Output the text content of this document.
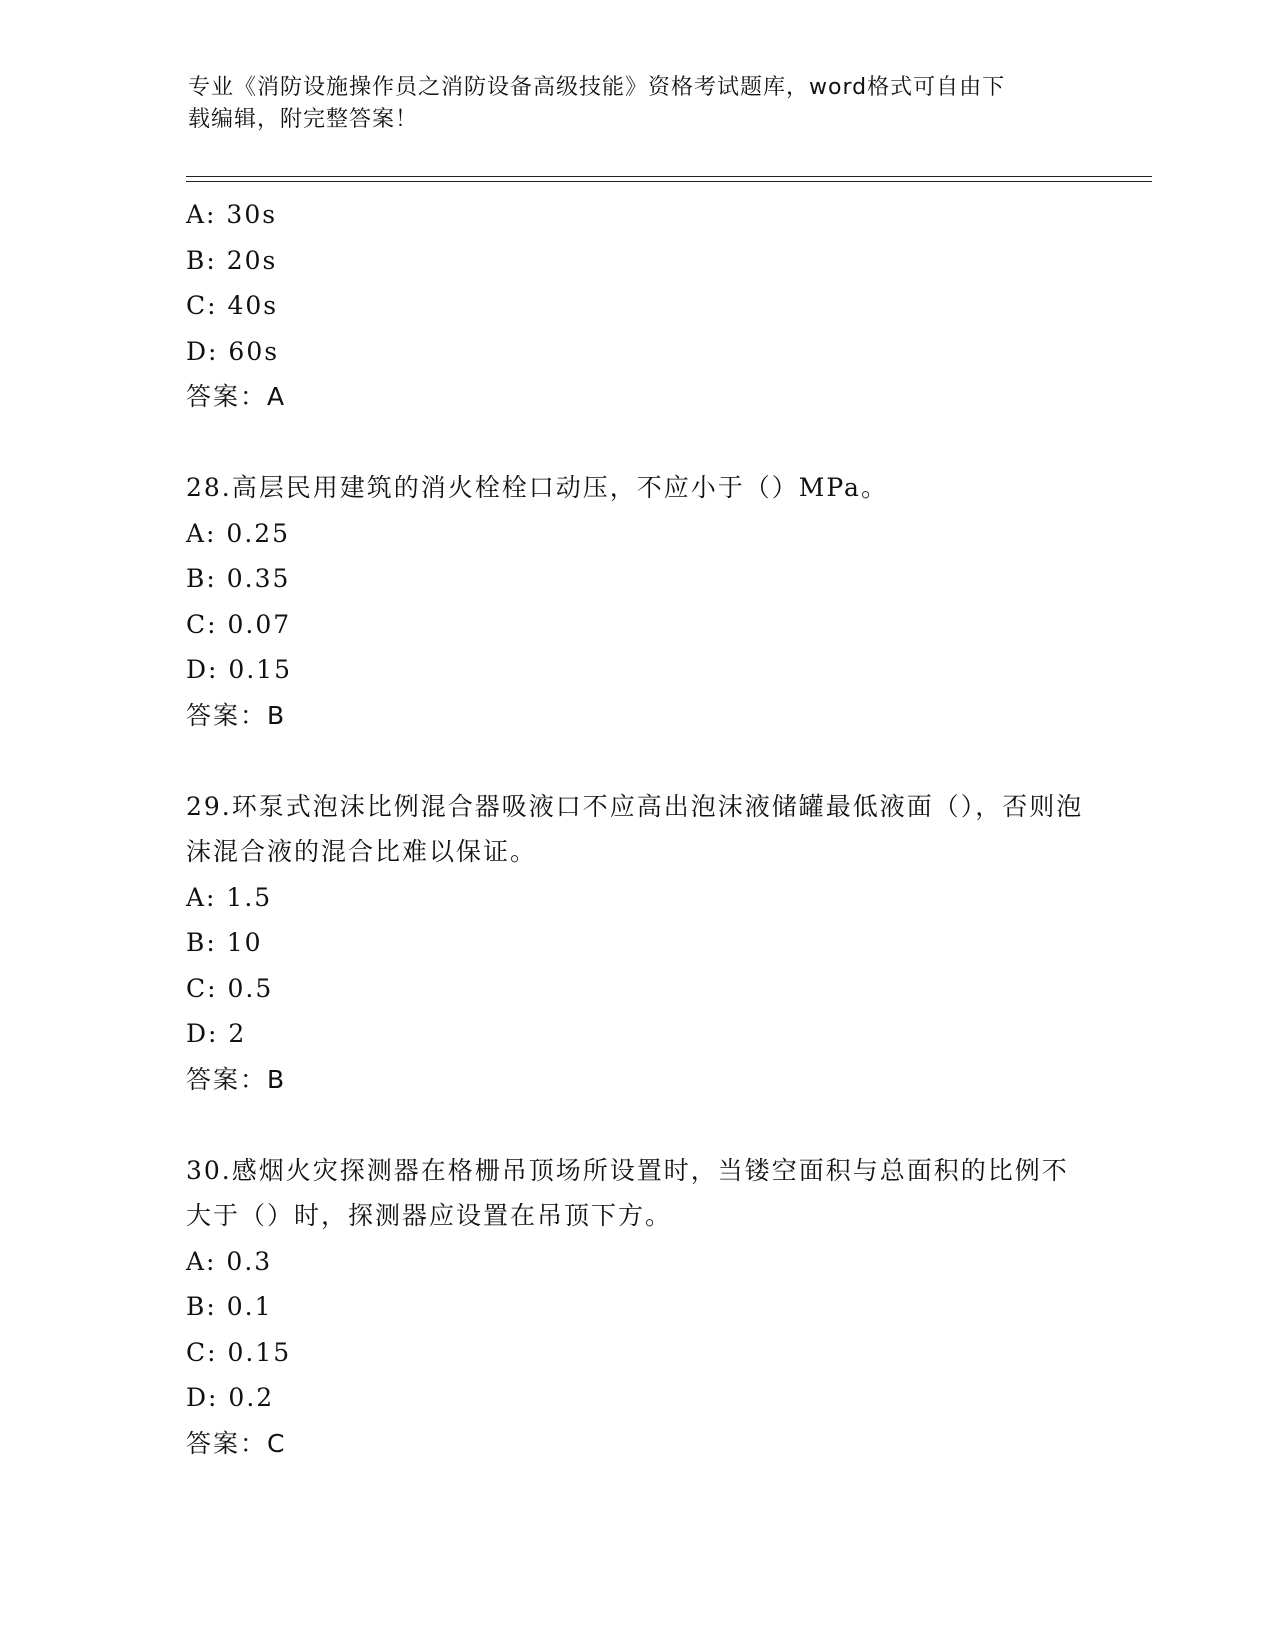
专业《消防设施操作员之消防设备高级技能》资格考试题库，word格式可自由下
载编辑，附完整答案！
A: 30s
B: 20s
C: 40s
D: 60s
答案：A
28.高层民用建筑的消火栓栓口动压，不应小于（）MPa。
A: 0.25
B: 0.35
C: 0.07
D: 0.15
答案：B
29.环泵式泡沫比例混合器吸液口不应高出泡沫液储罐最低液面（），否则泡沫混合液的混合比难以保证。
A: 1.5
B: 10
C: 0.5
D: 2
答案：B
30.感烟火灾探测器在格栅吊顶场所设置时，当镂空面积与总面积的比例不大于（）时，探测器应设置在吊顶下方。
A: 0.3
B: 0.1
C: 0.15
D: 0.2
答案：C
